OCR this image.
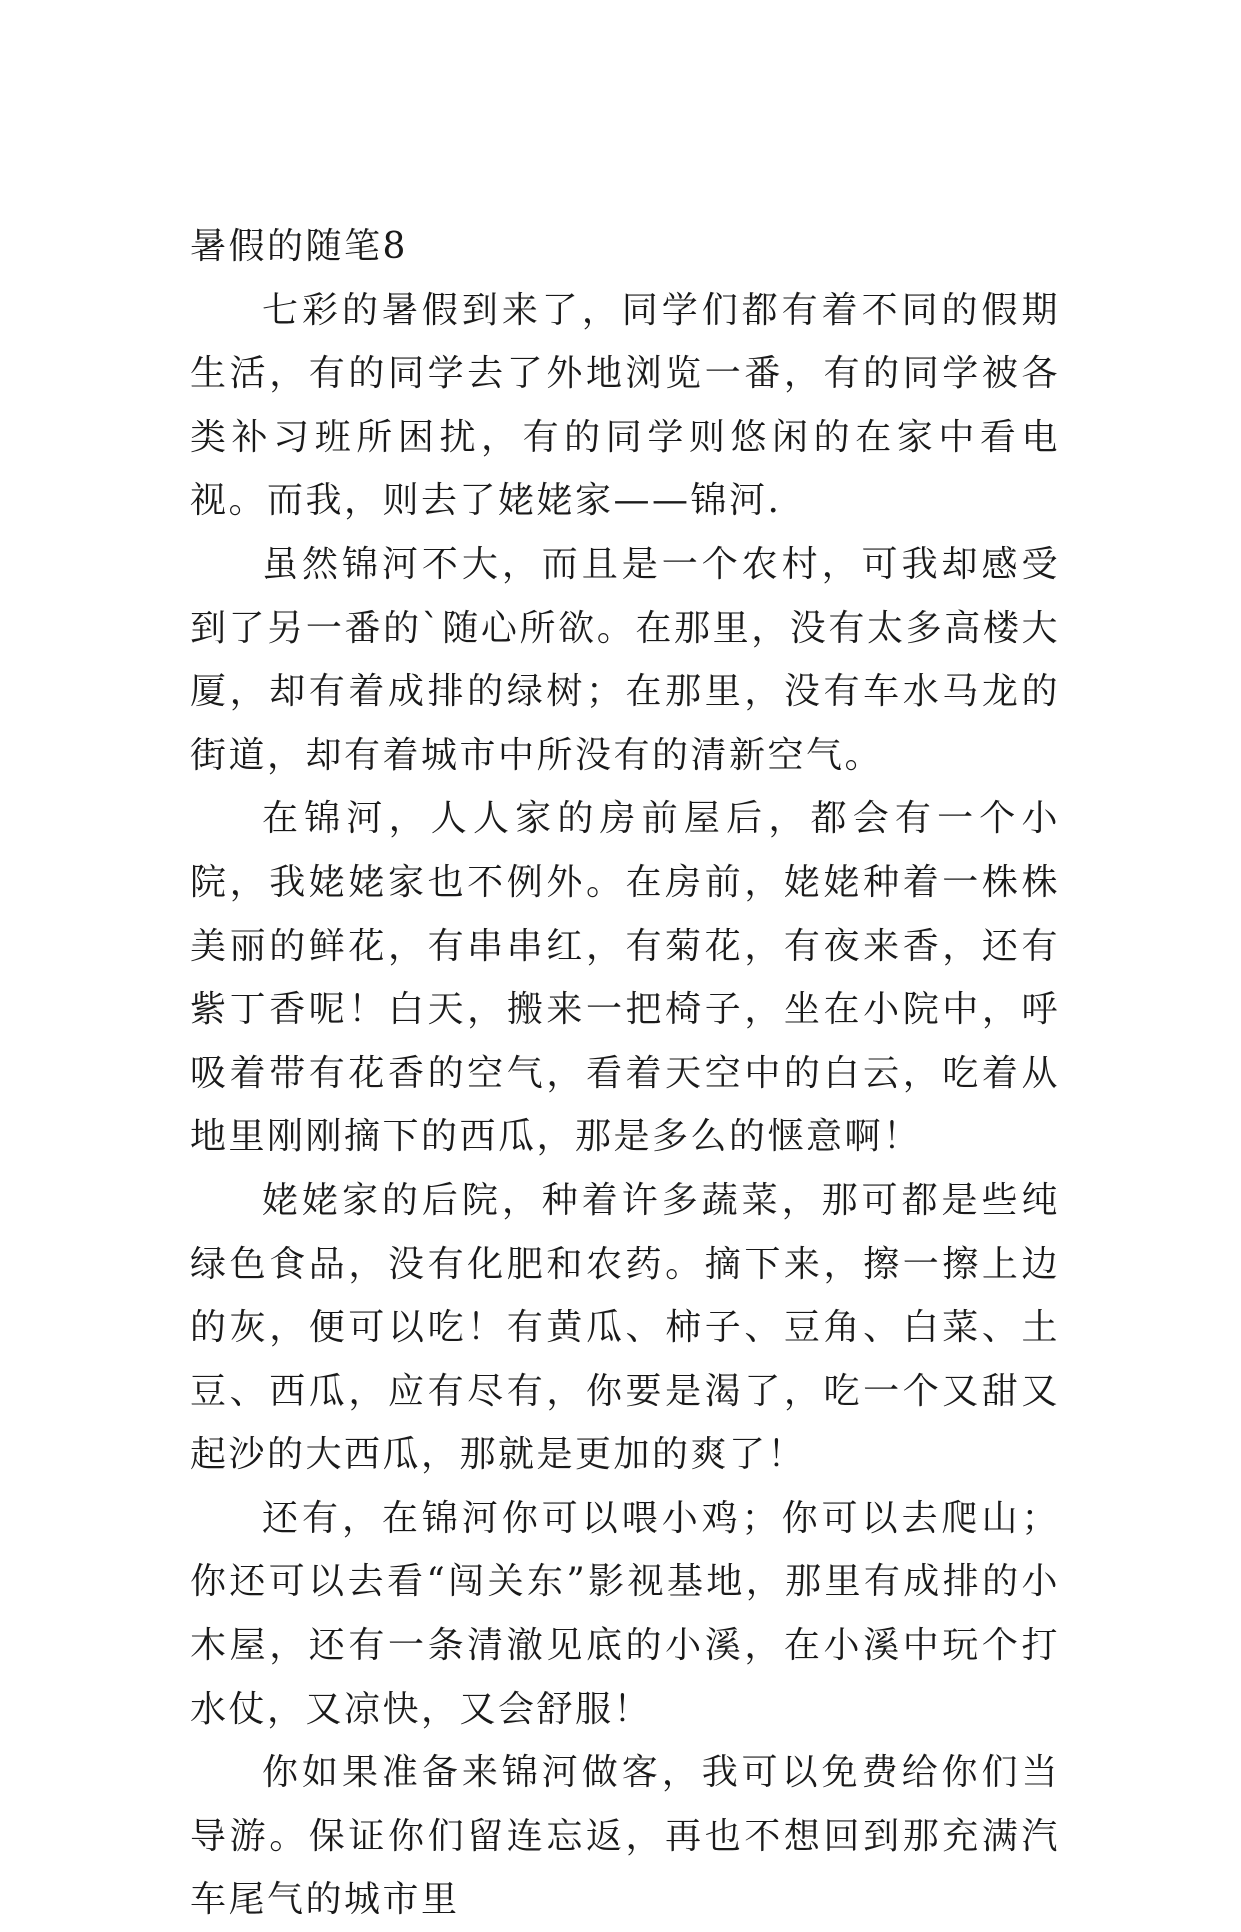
暑假的随笔8

七彩的暑假到来了，同学们都有着不同的假期生活，有的同学去了外地浏览一番，有的同学被各类补习班所困扰，有的同学则悠闲的在家中看电视。而我，则去了姥姥家——锦河.

虽然锦河不大，而且是一个农村，可我却感受到了另一番的`随心所欲。在那里，没有太多高楼大厦，却有着成排的绿树；在那里，没有车水马龙的街道，却有着城市中所没有的清新空气。

在锦河，人人家的房前屋后，都会有一个小院，我姥姥家也不例外。在房前，姥姥种着一株株美丽的鲜花，有串串红，有菊花，有夜来香，还有紫丁香呢！白天，搬来一把椅子，坐在小院中，呼吸着带有花香的空气，看着天空中的白云，吃着从地里刚刚摘下的西瓜，那是多么的惬意啊！

姥姥家的后院，种着许多蔬菜，那可都是些纯绿色食品，没有化肥和农药。摘下来，擦一擦上边的灰，便可以吃！有黄瓜、柿子、豆角、白菜、土豆、西瓜，应有尽有，你要是渴了，吃一个又甜又起沙的大西瓜，那就是更加的爽了！

还有，在锦河你可以喂小鸡；你可以去爬山；你还可以去看“闯关东”影视基地，那里有成排的小木屋，还有一条清澈见底的小溪，在小溪中玩个打水仗，又凉快，又会舒服！

你如果准备来锦河做客，我可以免费给你们当导游。保证你们留连忘返，再也不想回到那充满汽车尾气的城市里
